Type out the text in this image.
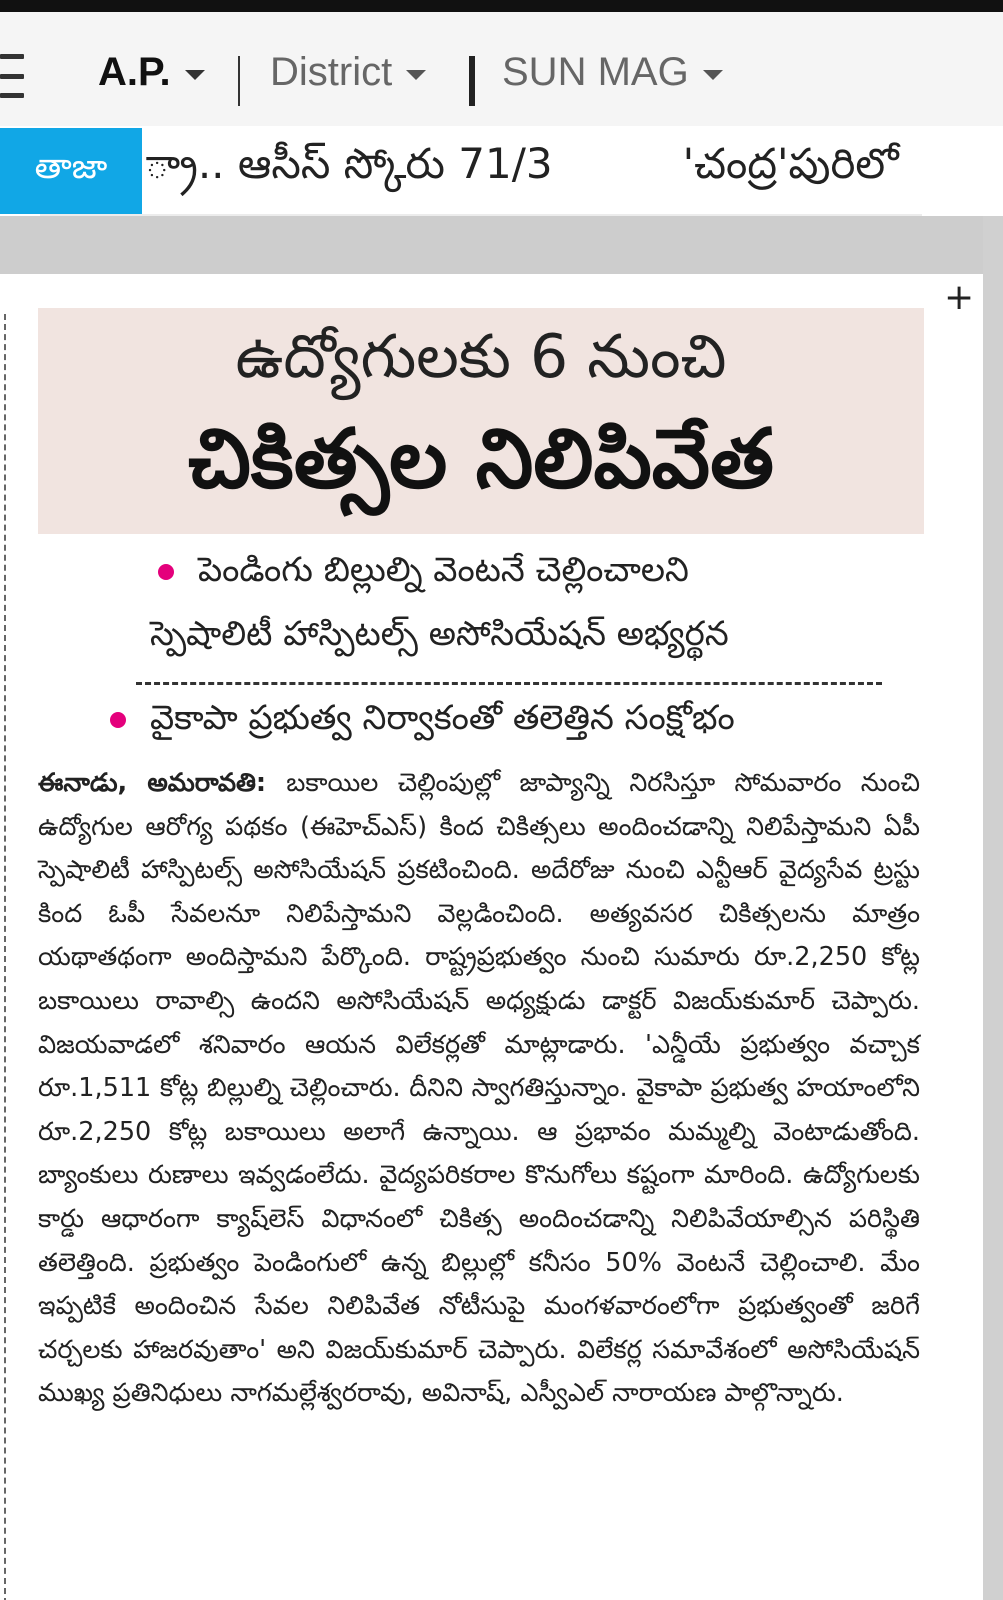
A.P. District	SUN MAG
తాజా ్రా.. ఆసీస్ స్కోరు 71/3	'చంద్ర'పురిలో
+
ఉద్యోగులకు 6 నుంచి
చికిత్సల నిలిపివేత
పెండింగు బిల్లుల్ని వెంటనే చెల్లించాలని
స్పెషాలిటీ హాస్పిటల్స్ అసోసియేషన్ అభ్యర్థన
వైకాపా ప్రభుత్వ నిర్వాకంతో తలెత్తిన సంక్షోభం
ఈనాడు, అమరావతి: బకాయిల చెల్లింపుల్లో జాప్యాన్ని నిరసిస్తూ సోమవారం నుంచి ఉద్యోగుల ఆరోగ్య పథకం (ఈహెచ్ఎస్) కింద చికిత్సలు అందించడాన్ని నిలిపేస్తామని ఏపీ స్పెషాలిటీ హాస్పిటల్స్ అసోసియేషన్ ప్రకటించింది. అదేరోజు నుంచి ఎన్టీఆర్ వైద్యసేవ ట్రస్టు కింద ఓపీ సేవలనూ నిలిపేస్తామని వెల్లడించింది. అత్యవసర చికిత్సలను మాత్రం యథాతథంగా అందిస్తామని పేర్కొంది. రాష్ట్రప్రభుత్వం నుంచి సుమారు రూ.2,250 కోట్ల బకాయిలు రావాల్సి ఉందని అసోసియేషన్ అధ్యక్షుడు డాక్టర్ విజయ్‌కుమార్ చెప్పారు. విజయవాడలో శనివారం ఆయన విలేకర్లతో మాట్లాడారు. 'ఎన్డీయే ప్రభుత్వం వచ్చాక రూ.1,511 కోట్ల బిల్లుల్ని చెల్లించారు. దీనిని స్వాగతిస్తున్నాం. వైకాపా ప్రభుత్వ హయాంలోని రూ.2,250 కోట్ల బకాయిలు అలాగే ఉన్నాయి. ఆ ప్రభావం మమ్మల్ని వెంటాడుతోంది. బ్యాంకులు రుణాలు ఇవ్వడంలేదు. వైద్యపరికరాల కొనుగోలు కష్టంగా మారింది. ఉద్యోగులకు కార్డు ఆధారంగా క్యాష్‌లెస్ విధానంలో చికిత్స అందించడాన్ని నిలిపివేయాల్సిన పరిస్థితి తలెత్తింది. ప్రభుత్వం పెండింగులో ఉన్న బిల్లుల్లో కనీసం 50% వెంటనే చెల్లించాలి. మేం ఇప్పటికే అందించిన సేవల నిలిపివేత నోటీసుపై మంగళవారంలోగా ప్రభుత్వంతో జరిగే చర్చలకు హాజరవుతాం' అని విజయ్‌కుమార్ చెప్పారు. విలేకర్ల సమావేశంలో అసోసియేషన్ ముఖ్య ప్రతినిధులు నాగమల్లేశ్వరరావు, అవినాష్, ఎస్వీఎల్ నారాయణ పాల్గొన్నారు.
